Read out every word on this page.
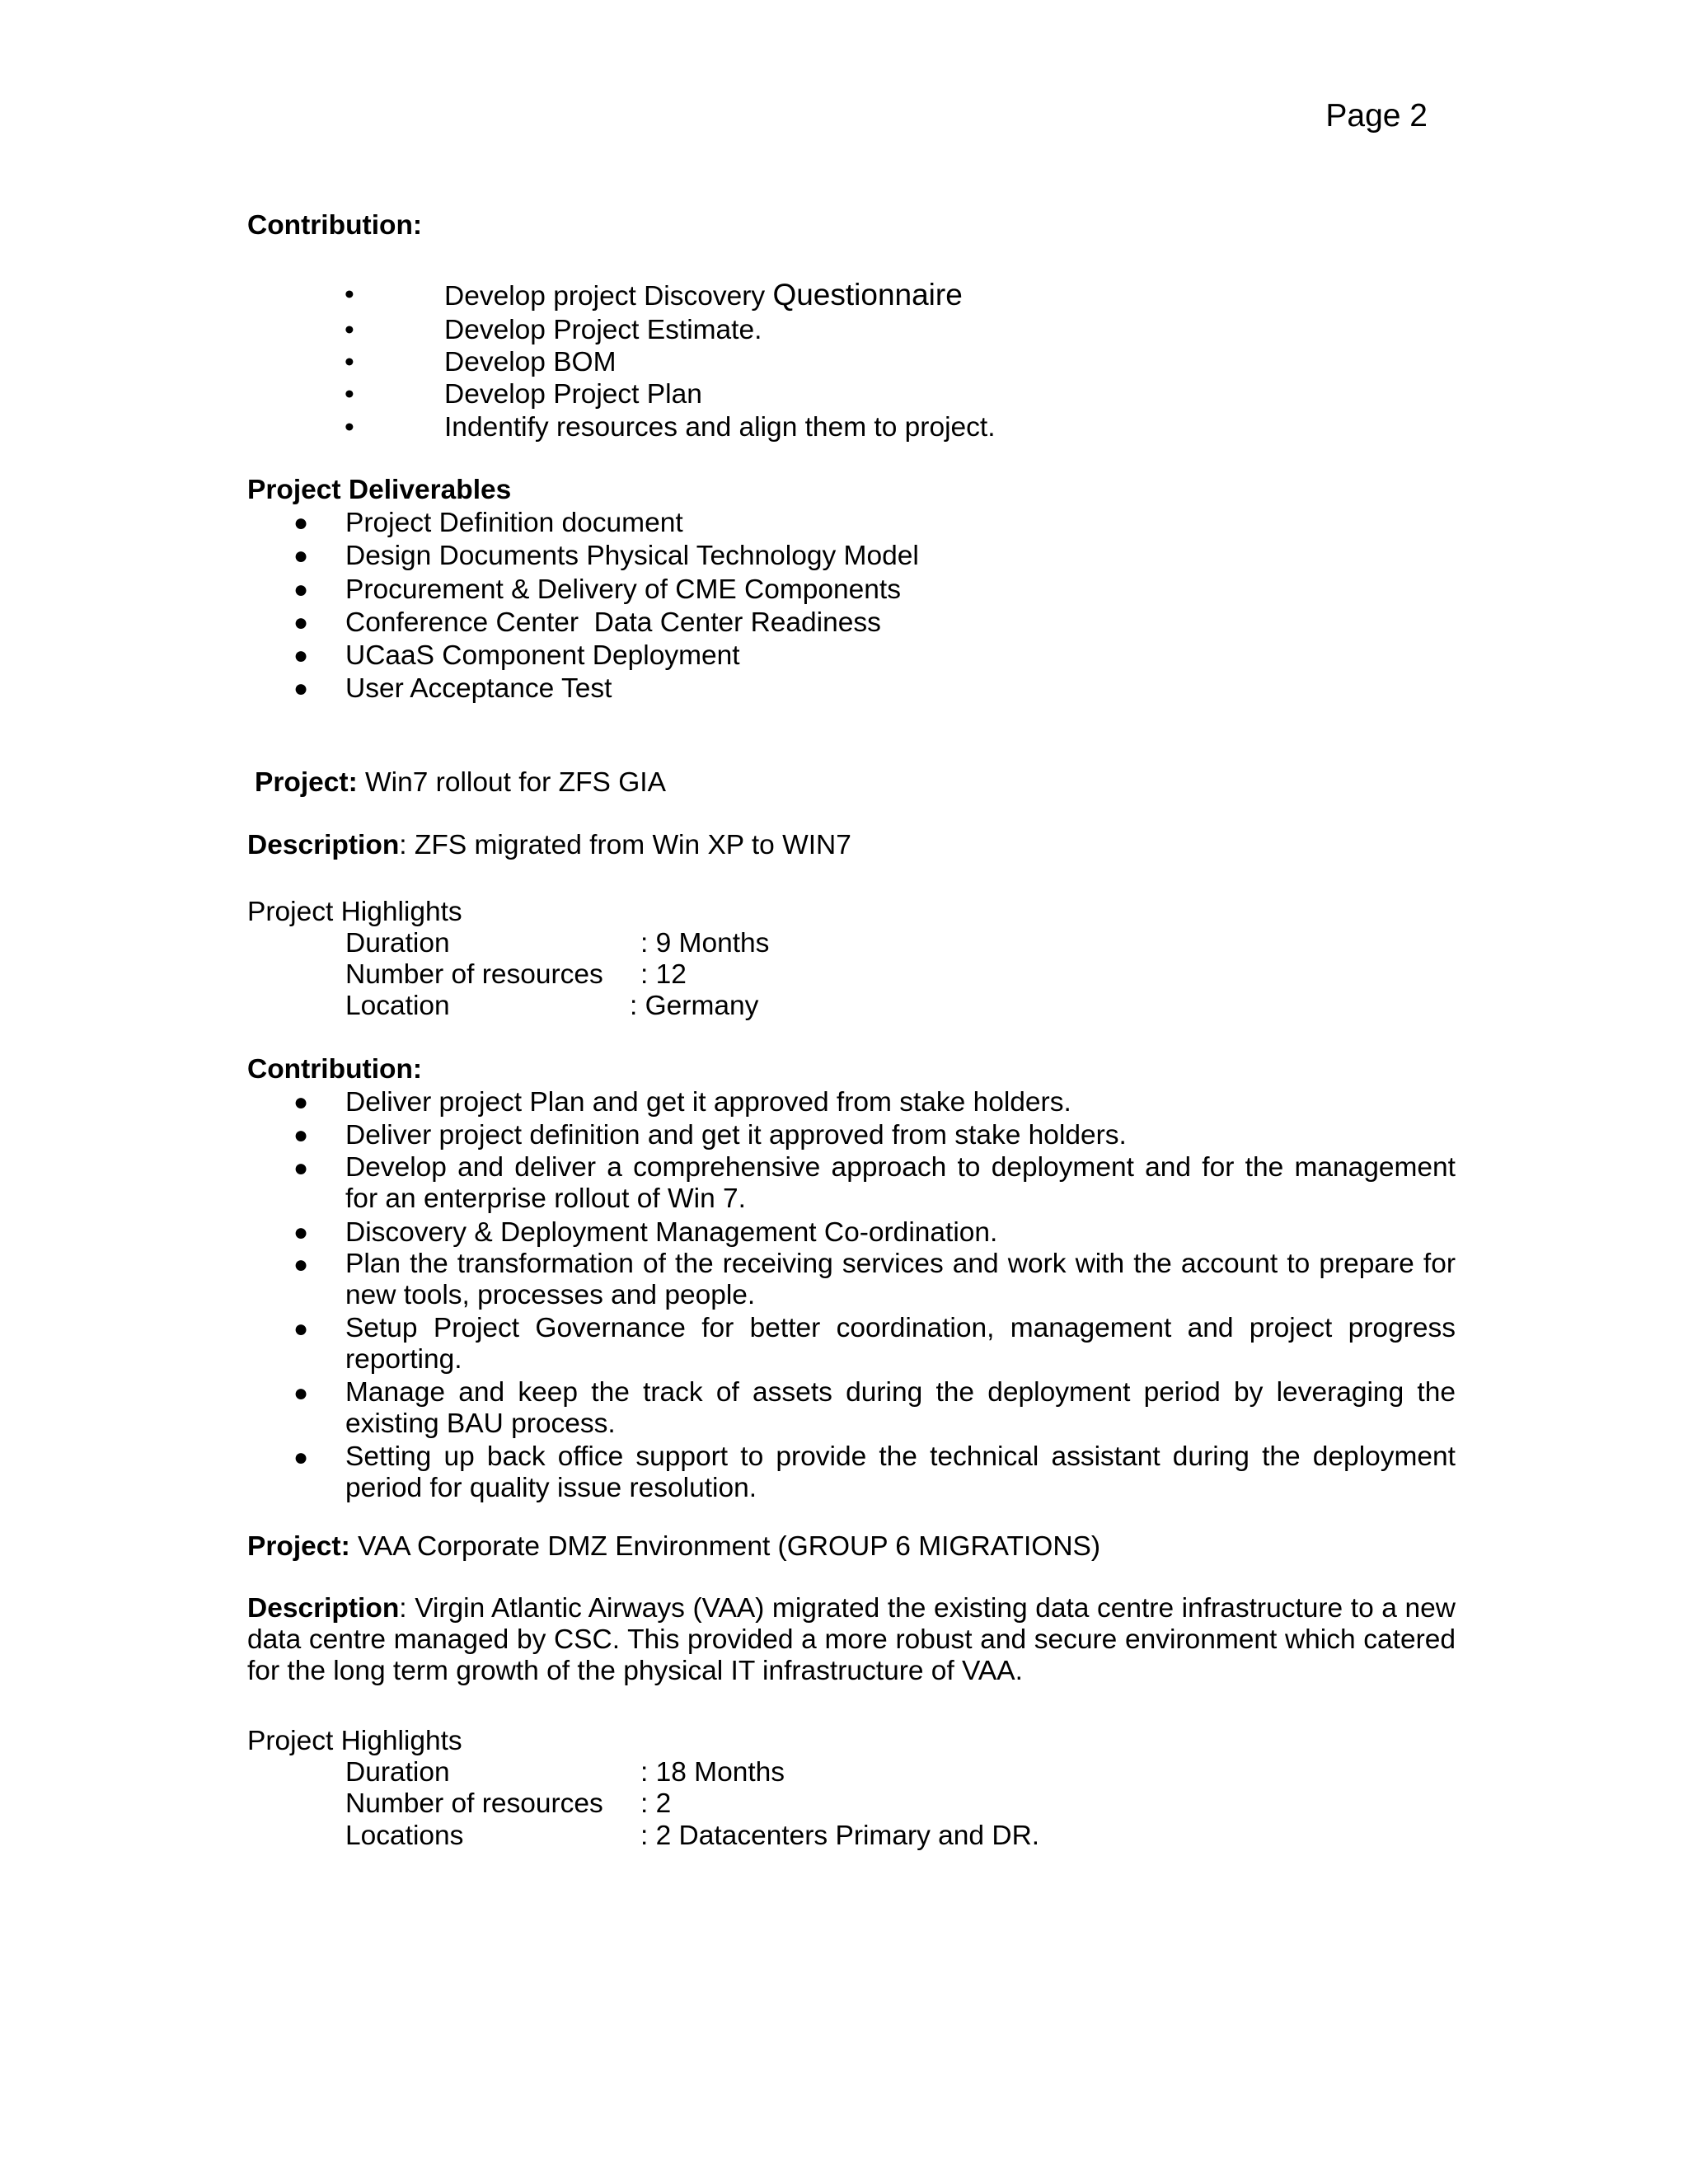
Page 2
Contribution:
•	Develop project Discovery Questionnaire
•	Develop Project Estimate.
•	Develop BOM
•	Develop Project Plan
•	Indentify resources and align them to project.
Project Deliverables
● Project Definition document
● Design Documents Physical Technology Model
● Procurement & Delivery of CME Components
● Conference Center  Data Center Readiness
● UCaaS Component Deployment
● User Acceptance Test
Project: Win7 rollout for ZFS GIA
Description: ZFS migrated from Win XP to WIN7
Project Highlights
Duration	: 9 Months
Number of resources : 12
Location	: Germany
Contribution:
● Deliver project Plan and get it approved from stake holders.
● Deliver project definition and get it approved from stake holders.
● Develop and deliver a comprehensive approach to deployment and for the management for an enterprise rollout of Win 7.

● Discovery & Deployment Management Co-ordination.
● Plan the transformation of the receiving services and work with the account to prepare for new tools, processes and people.

● Setup Project Governance for better coordination, management and project progress reporting.

● Manage and keep the track of assets during the deployment period by leveraging the existing BAU process.

● Setting up back office support to provide the technical assistant during the deployment period for quality issue resolution.

Project: VAA Corporate DMZ Environment (GROUP 6 MIGRATIONS)

Description: Virgin Atlantic Airways (VAA) migrated the existing data centre infrastructure to a new data centre managed by CSC. This provided a more robust and secure environment which catered for the long term growth of the physical IT infrastructure of VAA.

Project Highlights
Duration	: 18 Months
Number of resources : 2
Locations	: 2 Datacenters Primary and DR.
